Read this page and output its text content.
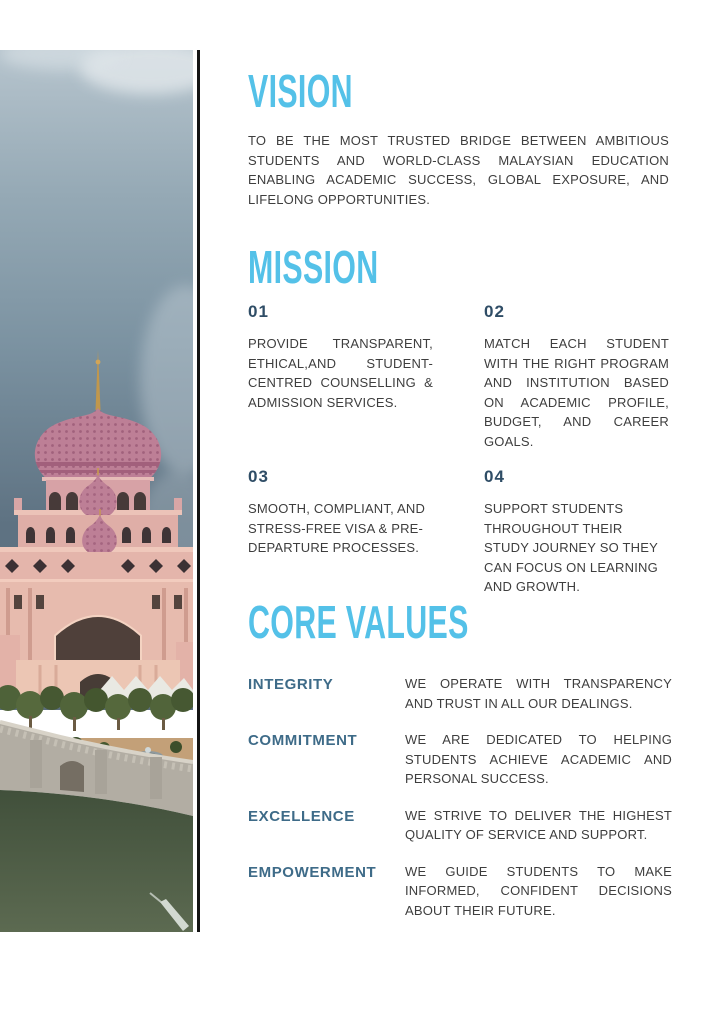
VISION

TO BE THE MOST TRUSTED BRIDGE BETWEEN AMBITIOUS STUDENTS AND WORLD-CLASS MALAYSIAN EDUCATION ENABLING ACADEMIC SUCCESS, GLOBAL EXPOSURE, AND LIFELONG OPPORTUNITIES.

MISSION
01
PROVIDE TRANSPARENT, ETHICAL,AND STUDENT-CENTRED COUNSELLING & ADMISSION SERVICES.
02
MATCH EACH STUDENT WITH THE RIGHT PROGRAM AND INSTITUTION BASED ON ACADEMIC PROFILE, BUDGET, AND CAREER GOALS.
03
SMOOTH, COMPLIANT, AND STRESS-FREE VISA & PRE-DEPARTURE PROCESSES.
04
SUPPORT STUDENTS THROUGHOUT THEIR STUDY JOURNEY SO THEY CAN FOCUS ON LEARNING AND GROWTH.
CORE VALUES
INTEGRITY	WE OPERATE WITH TRANSPARENCY AND TRUST IN ALL OUR DEALINGS.
COMMITMENT	WE ARE DEDICATED TO HELPING STUDENTS ACHIEVE ACADEMIC AND PERSONAL SUCCESS.
EXCELLENCE	WE STRIVE TO DELIVER THE HIGHEST QUALITY OF SERVICE AND SUPPORT.
EMPOWERMENT	WE GUIDE STUDENTS TO MAKE INFORMED, CONFIDENT DECISIONS ABOUT THEIR FUTURE.
